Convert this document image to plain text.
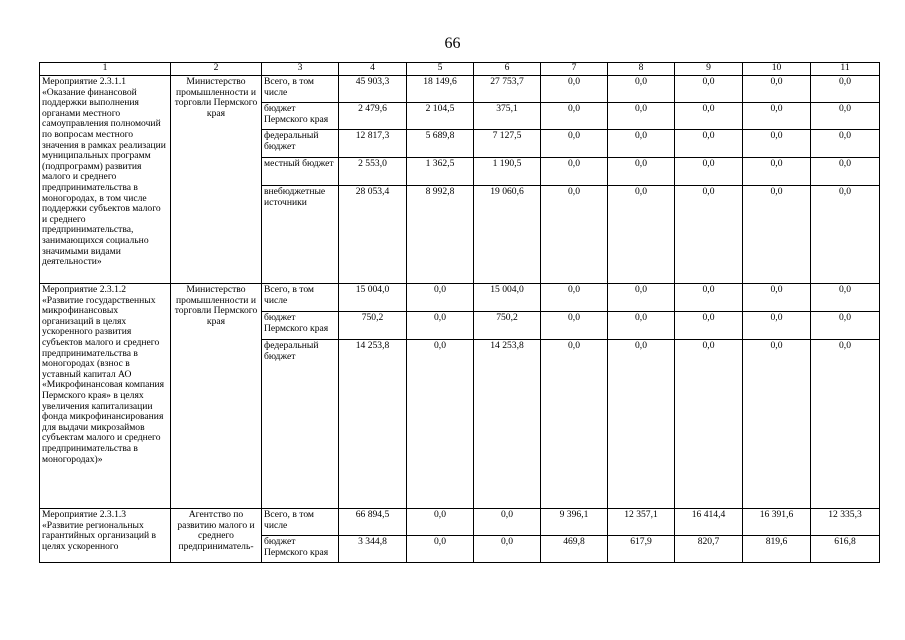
66
1	2	3	4	5	6	7	8	9	10	11
Мероприятие 2.3.1.1 «Оказание финансовой поддержки выполнения органами местного самоуправления полномочий по вопросам местного значения в рамках реализации муниципальных программ (подпрограмм) развития малого и среднего предпринимательства в моногородах, в том числе поддержки субъектов малого и среднего предпринимательства, занимающихся социально значимыми видами деятельности»	Министерство промышленности и торговли Пермского края	Всего, в том числе	45 903,3	18 149,6	27 753,7	0,0	0,0	0,0	0,0	0,0
		бюджет Пермского края	2 479,6	2 104,5	375,1	0,0	0,0	0,0	0,0	0,0
		федеральный бюджет	12 817,3	5 689,8	7 127,5	0,0	0,0	0,0	0,0	0,0
		местный бюджет	2 553,0	1 362,5	1 190,5	0,0	0,0	0,0	0,0	0,0
		внебюджетные источники	28 053,4	8 992,8	19 060,6	0,0	0,0	0,0	0,0	0,0
Мероприятие 2.3.1.2 «Развитие государственных микрофинансовых организаций в целях ускоренного развития субъектов малого и среднего предпринимательства в моногородах (взнос в уставный капитал АО «Микрофинансовая компания Пермского края» в целях увеличения капитализации фонда микрофинансирования для выдачи микрозаймов субъектам малого и среднего предпринимательства в моногородах)»	Министерство промышленности и торговли Пермского края	Всего, в том числе	15 004,0	0,0	15 004,0	0,0	0,0	0,0	0,0	0,0
		бюджет Пермского края	750,2	0,0	750,2	0,0	0,0	0,0	0,0	0,0
		федеральный бюджет	14 253,8	0,0	14 253,8	0,0	0,0	0,0	0,0	0,0

Мероприятие 2.3.1.3 «Развитие региональных гарантийных организаций в целях ускоренного	Агентство по развитию малого и среднего предприниматель-	Всего, в том числе	66 894,5	0,0	0,0	9 396,1	12 357,1	16 414,4	16 391,6	12 335,3
		бюджет Пермского края	3 344,8	0,0	0,0	469,8	617,9	820,7	819,6	616,8
